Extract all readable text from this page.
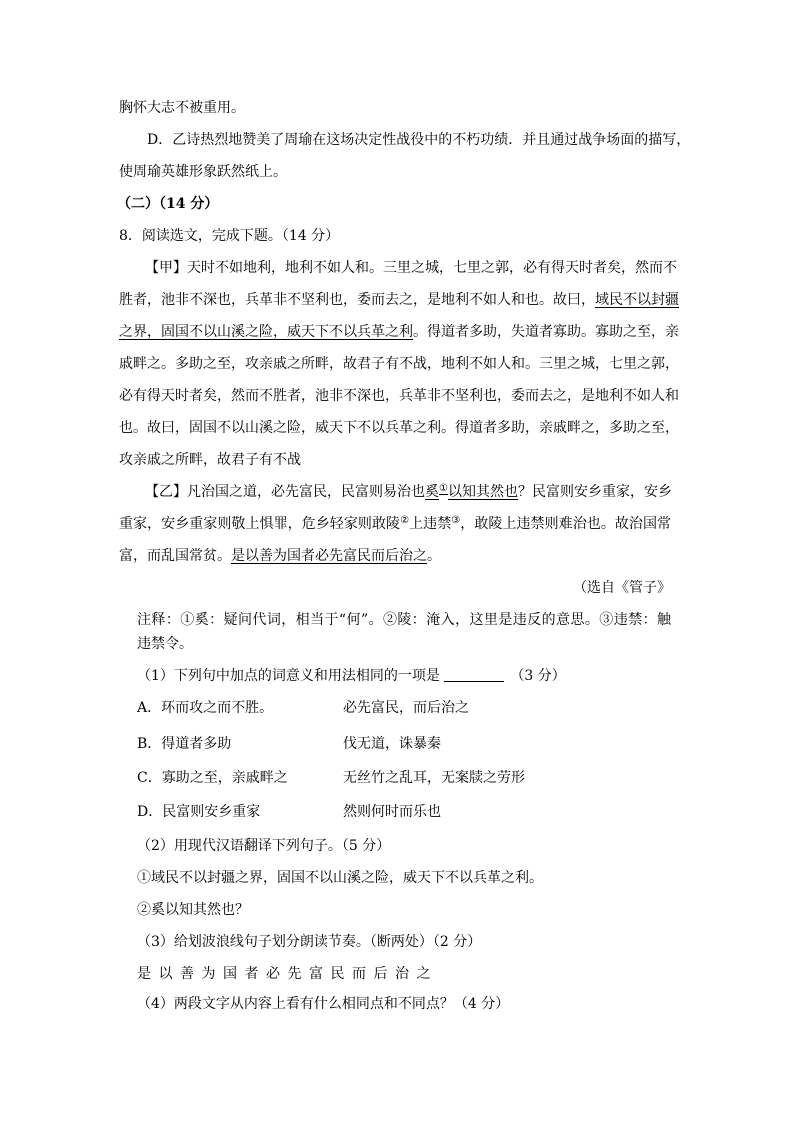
胸怀大志不被重用。
D．乙诗热烈地赞美了周瑜在这场决定性战役中的不朽功绩．并且通过战争场面的描写，
使周瑜英雄形象跃然纸上。
（二）（14 分）
8．阅读选文，完成下题。（14 分）
【甲】天时不如地利，地利不如人和。三里之城，七里之郭，必有得天时者矣，然而不
胜者，池非不深也，兵革非不坚利也，委而去之，是地利不如人和也。故曰，域民不以封疆
之界，固国不以山溪之险，威天下不以兵革之利。得道者多助，失道者寡助。寡助之至，亲
戚畔之。多助之至，攻亲戚之所畔，故君子有不战，地利不如人和。三里之城，七里之郭，
必有得天时者矣，然而不胜者，池非不深也，兵革非不坚利也，委而去之，是地利不如人和
也。故曰，固国不以山溪之险，威天下不以兵革之利。得道者多助，亲戚畔之，多助之至，
攻亲戚之所畔，故君子有不战
【乙】凡治国之道，必先富民，民富则易治也奚①以知其然也？民富则安乡重家，安乡
重家，安乡重家则敬上惧罪，危乡轻家则敢陵②上违禁③，敢陵上违禁则难治也。故治国常
富，而乱国常贫。是以善为国者必先富民而后治之。
（选自《管子》
注释：①奚：疑问代词，相当于“何”。②陵：淹入，这里是违反的意思。③违禁：触
违禁令。
（1）下列句中加点的词意义和用法相同的一项是	（3 分）
A．环而攻之而不胜。	必先富民，而后治之
B．得道者多助	伐无道，诛暴秦
C．寡助之至，亲戚畔之	无丝竹之乱耳，无案牍之劳形
D．民富则安乡重家	然则何时而乐也
（2）用现代汉语翻译下列句子。（5 分）
①域民不以封疆之界，固国不以山溪之险，威天下不以兵革之利。
②奚以知其然也？
（3）给划波浪线句子划分朗读节奏。（断两处）（2 分）
是以善为国者必先富民而后治之
（4）两段文字从内容上看有什么相同点和不同点？（4 分）
